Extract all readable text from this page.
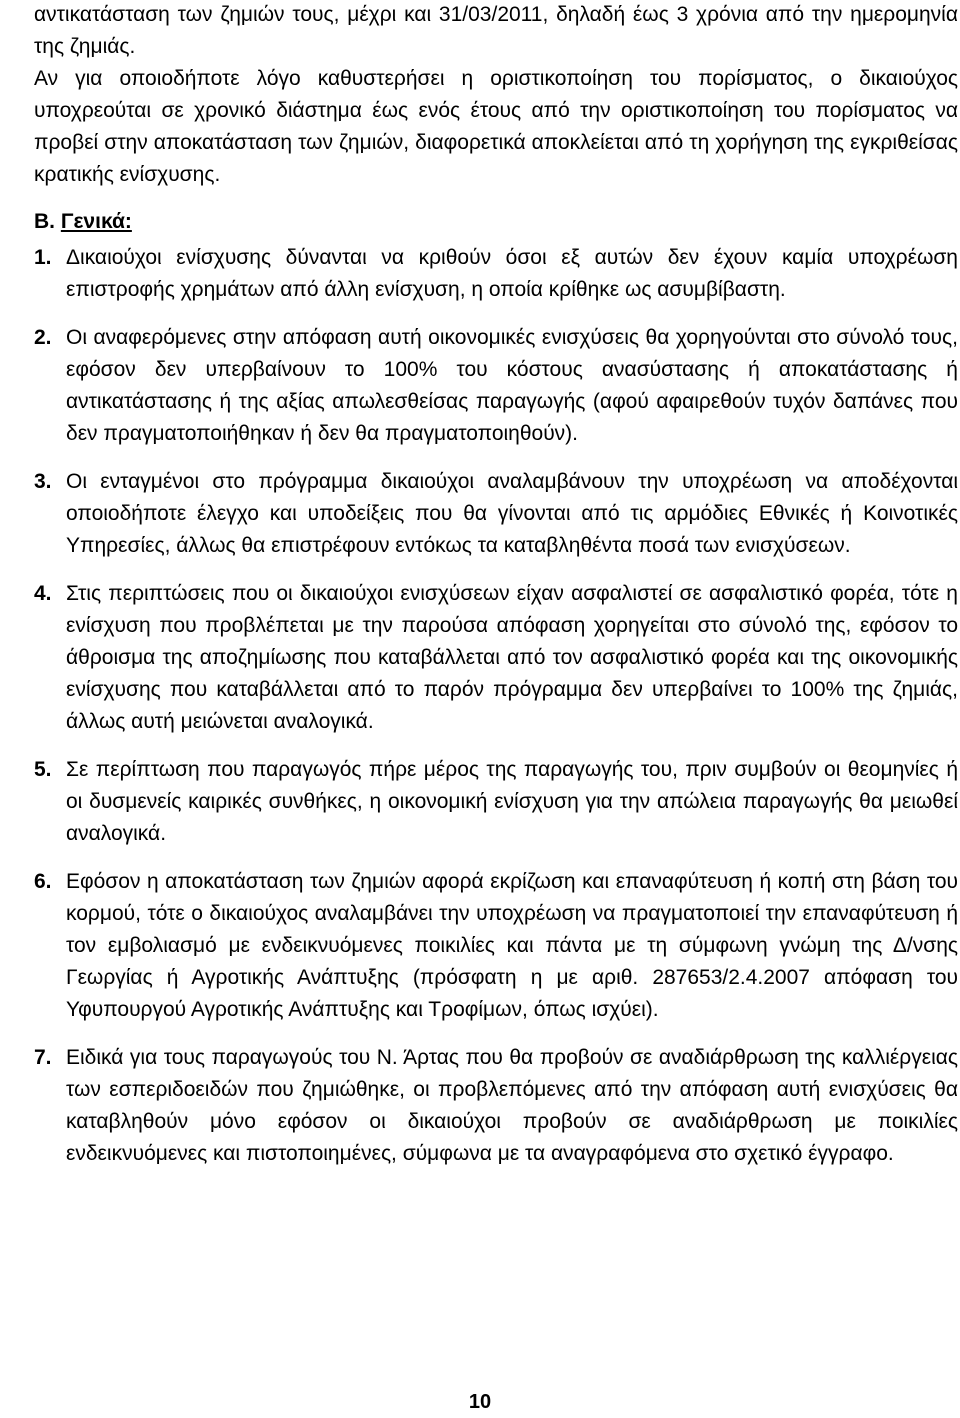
αντικατάσταση των ζημιών τους, μέχρι και 31/03/2011, δηλαδή έως 3 χρόνια από την ημερομηνία της ζημιάς.

Αν για οποιοδήποτε λόγο καθυστερήσει η οριστικοποίηση του πορίσματος, ο δικαιούχος υποχρεούται σε χρονικό διάστημα έως ενός έτους από την οριστικοποίηση του πορίσματος να προβεί στην αποκατάσταση των ζημιών, διαφορετικά αποκλείεται από τη χορήγηση της εγκριθείσας κρατικής ενίσχυσης.

Β. Γενικά:
1. Δικαιούχοι ενίσχυσης δύνανται να κριθούν όσοι εξ αυτών δεν έχουν καμία υποχρέωση επιστροφής χρημάτων από άλλη ενίσχυση, η οποία κρίθηκε ως ασυμβίβαστη.
2. Οι αναφερόμενες στην απόφαση αυτή οικονομικές ενισχύσεις θα χορηγούνται στο σύνολό τους, εφόσον δεν υπερβαίνουν το 100% του κόστους ανασύστασης ή αποκατάστασης ή αντικατάστασης ή της αξίας απωλεσθείσας παραγωγής (αφού αφαιρεθούν τυχόν δαπάνες που δεν πραγματοποιήθηκαν ή δεν θα πραγματοποιηθούν).
3. Οι ενταγμένοι στο πρόγραμμα δικαιούχοι αναλαμβάνουν την υποχρέωση να αποδέχονται οποιοδήποτε έλεγχο και υποδείξεις που θα γίνονται από τις αρμόδιες Εθνικές ή Κοινοτικές Υπηρεσίες, άλλως θα επιστρέφουν εντόκως τα καταβληθέντα ποσά των ενισχύσεων.
4. Στις περιπτώσεις που οι δικαιούχοι ενισχύσεων είχαν ασφαλιστεί σε ασφαλιστικό φορέα, τότε η ενίσχυση που προβλέπεται με την παρούσα απόφαση χορηγείται στο σύνολό της, εφόσον το άθροισμα της αποζημίωσης που καταβάλλεται από τον ασφαλιστικό φορέα και της οικονομικής ενίσχυσης που καταβάλλεται από το παρόν πρόγραμμα δεν υπερβαίνει το 100% της ζημιάς, άλλως αυτή μειώνεται αναλογικά.
5. Σε περίπτωση που παραγωγός πήρε μέρος της παραγωγής του, πριν συμβούν οι θεομηνίες ή οι δυσμενείς καιρικές συνθήκες, η οικονομική ενίσχυση για την απώλεια παραγωγής θα μειωθεί αναλογικά.
6. Εφόσον η αποκατάσταση των ζημιών αφορά εκρίζωση και επαναφύτευση ή κοπή στη βάση του κορμού, τότε ο δικαιούχος αναλαμβάνει την υποχρέωση να πραγματοποιεί την επαναφύτευση ή τον εμβολιασμό με ενδεικνυόμενες ποικιλίες και πάντα με τη σύμφωνη γνώμη της Δ/νσης Γεωργίας ή Αγροτικής Ανάπτυξης (πρόσφατη η με αριθ. 287653/2.4.2007 απόφαση του Υφυπουργού Αγροτικής Ανάπτυξης και Τροφίμων, όπως ισχύει).
7. Ειδικά για τους παραγωγούς του Ν. Άρτας που θα προβούν σε αναδιάρθρωση της καλλιέργειας των εσπεριδοειδών που ζημιώθηκε, οι προβλεπόμενες από την απόφαση αυτή ενισχύσεις θα καταβληθούν μόνο εφόσον οι δικαιούχοι προβούν σε αναδιάρθρωση με ποικιλίες ενδεικνυόμενες και πιστοποιημένες, σύμφωνα με τα αναγραφόμενα στο σχετικό έγγραφο.
10
